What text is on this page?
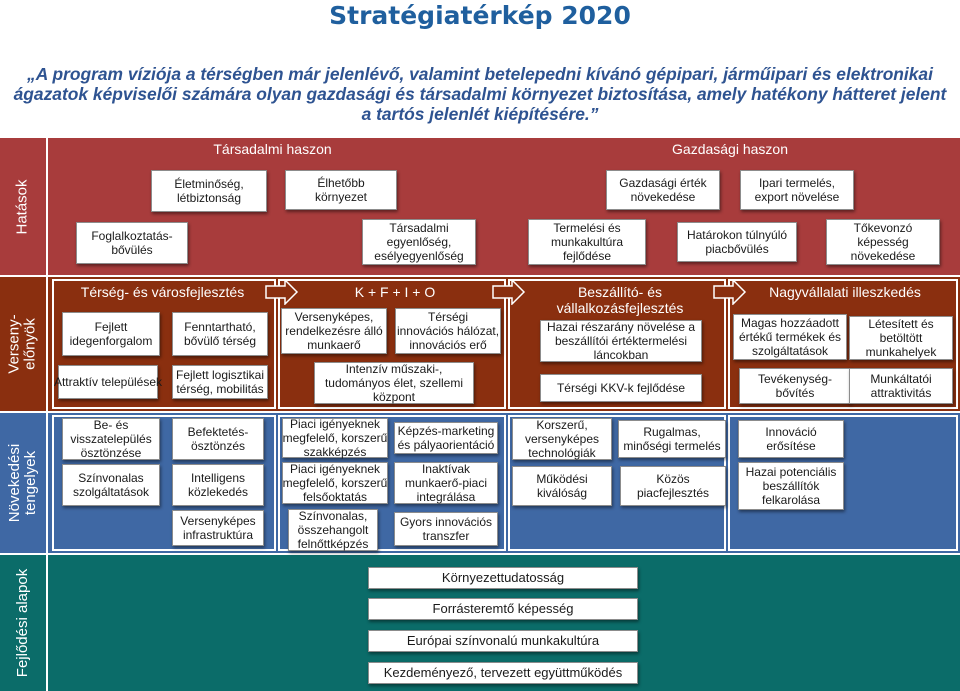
Stratégiatérkép 2020
„A program víziója a térségben már jelenlévő, valamint betelepedni kívánó gépipari, járműipari és elektronikai ágazatok képviselői számára olyan gazdasági és társadalmi környezet biztosítása, amely hatékony hátteret jelent a tartós jelenlét kiépítésére.”
Hatások
Verseny-
előnyök
Növekedési
tengelyek
Fejlődési alapok
Társadalmi haszon	Gazdasági haszon
Életminőség,
létbiztonság
Élhetőbb
környezet
Gazdasági érték
növekedése
Ipari termelés,
export növelése
Foglalkoztatás-
bővülés
Társadalmi
egyenlőség,
esélyegyenlőség
Termelési és
munkakultúra
fejlődése
Határokon túlnyúló
piacbővülés
Tőkevonzó
képesség
növekedése
Térség- és városfejlesztés	K + F + I + O	Beszállító- és
vállalkozásfejlesztés
Nagyvállalati illeszkedés
Fejlett
idegenforgalom
Fenntartható,
bővülő térség
Attraktív települések	Fejlett logisztikai
térség, mobilitás
Versenyképes,
rendelkezésre álló
munkaerő
Térségi
innovációs hálózat,
innovációs erő
Intenzív műszaki-,
tudományos élet, szellemi
központ
Hazai részarány növelése a
beszállítói értéktermelési
láncokban
Térségi KKV-k fejlődése
Magas hozzáadott
értékű termékek és
szolgáltatások
Létesített és
betöltött
munkahelyek
Tevékenység-
bővítés
Munkáltatói
attraktivitás
Be- és
visszatelepülés
ösztönzése
Befektetés-
ösztönzés
Színvonalas
szolgáltatások
Intelligens
közlekedés
Versenyképes
infrastruktúra
Piaci igényeknek
megfelelő, korszerű
szakképzés
Képzés-marketing
és pályaorientáció
Piaci igényeknek
megfelelő, korszerű
felsőoktatás
Inaktívak
munkaerő-piaci
integrálása
Színvonalas,
összehangolt
felnőttképzés
Gyors innovációs
transzfer
Korszerű,
versenyképes
technológiák
Rugalmas,
minőségi termelés
Működési
kiválóság
Közös
piacfejlesztés
Innováció
erősítése
Hazai potenciális
beszállítók
felkarolása
Környezettudatosság
Forrásteremtő képesség
Európai színvonalú munkakultúra
Kezdeményező, tervezett együttműködés
